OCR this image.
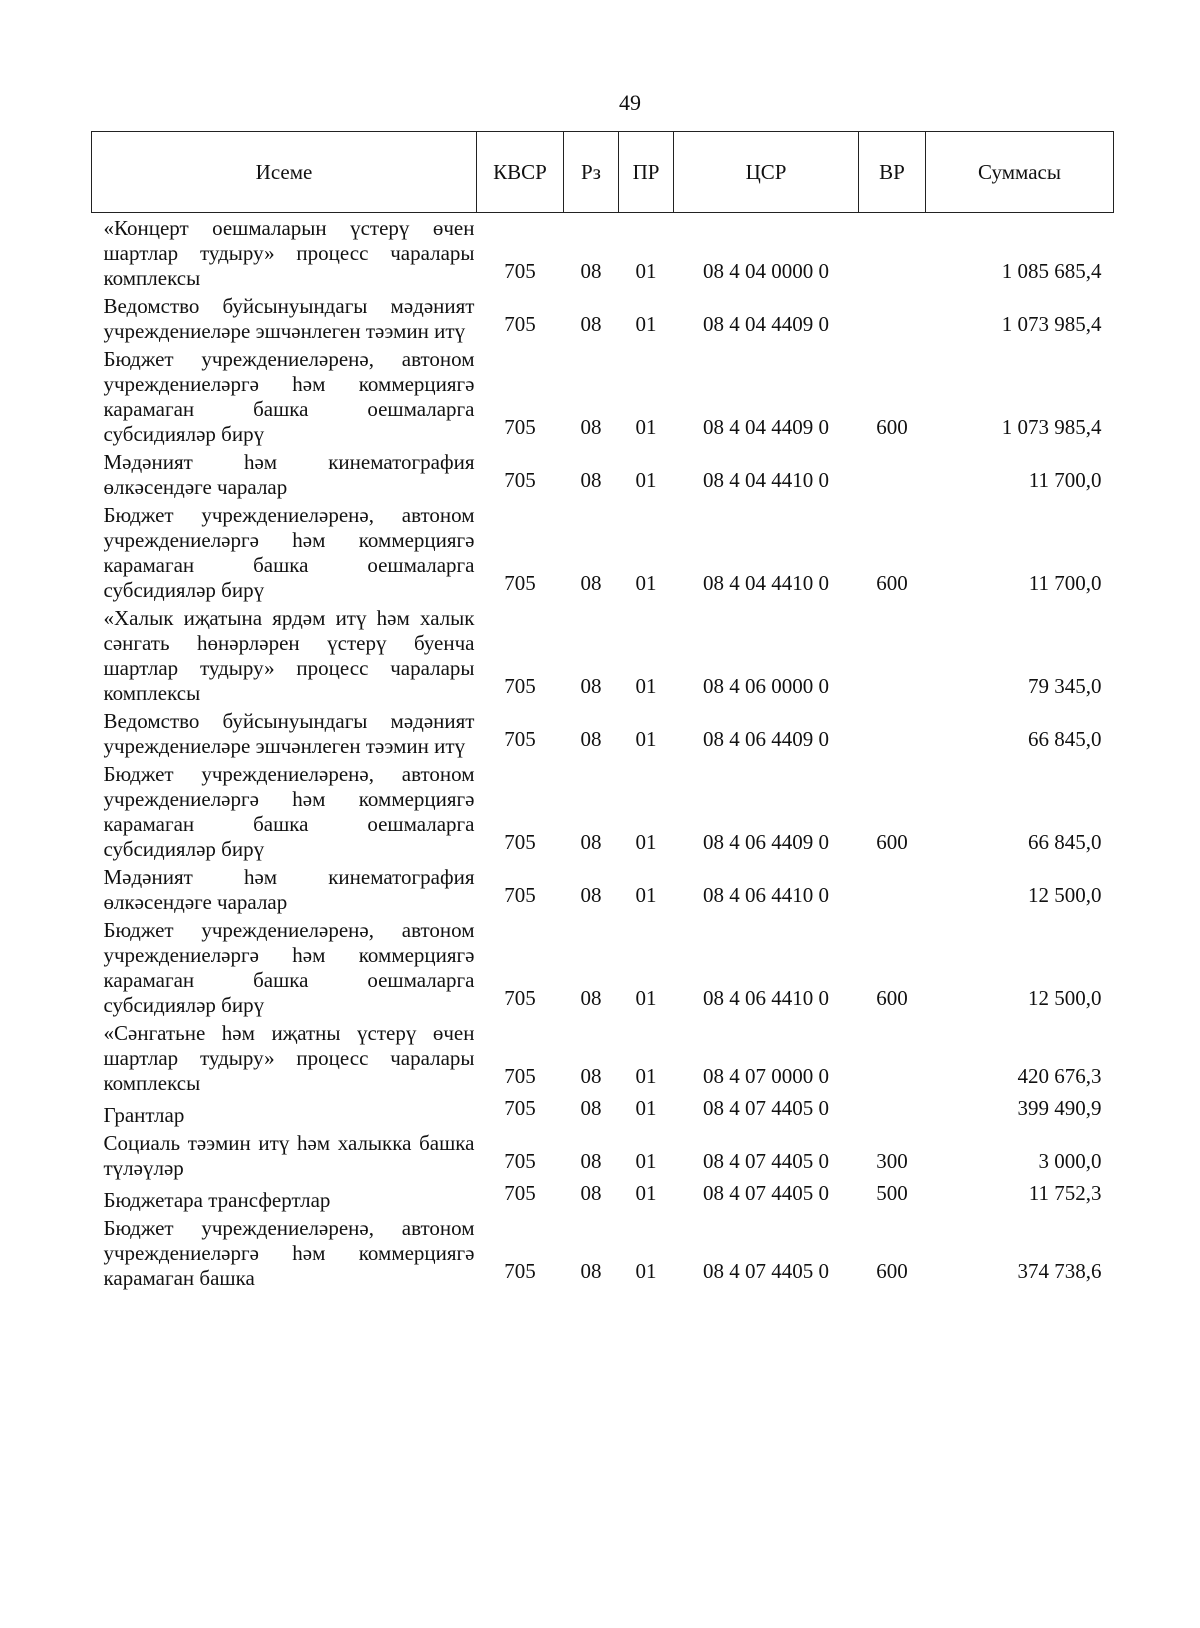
49
Исеме	КВСР	Рз	ПР	ЦСР	ВР	Суммасы
«Концерт оешмаларын үстерү өчен шартлар тудыру» процесс чаралары комплексы	705	08	01	08 4 04 0000 0		1 085 685,4
Ведомство буйсынуындагы мәдәният учреждениеләре эшчәнлеген тәэмин итү	705	08	01	08 4 04 4409 0		1 073 985,4
Бюджет учреждениеләренә, автоном учреждениеләргә һәм коммерциягә карамаган башка оешмаларга субсидияләр бирү	705	08	01	08 4 04 4409 0	600	1 073 985,4
Мәдәният һәм кинематография өлкәсендәге чаралар	705	08	01	08 4 04 4410 0		11 700,0
Бюджет учреждениеләренә, автоном учреждениеләргә һәм коммерциягә карамаган башка оешмаларга субсидияләр бирү	705	08	01	08 4 04 4410 0	600	11 700,0
«Халык иҗатына ярдәм итү һәм халык сәнгать һөнәрләрен үстерү буенча шартлар тудыру» процесс чаралары комплексы	705	08	01	08 4 06 0000 0		79 345,0
Ведомство буйсынуындагы мәдәният учреждениеләре эшчәнлеген тәэмин итү	705	08	01	08 4 06 4409 0		66 845,0
Бюджет учреждениеләренә, автоном учреждениеләргә һәм коммерциягә карамаган башка оешмаларга субсидияләр бирү	705	08	01	08 4 06 4409 0	600	66 845,0
Мәдәният һәм кинематография өлкәсендәге чаралар	705	08	01	08 4 06 4410 0		12 500,0
Бюджет учреждениеләренә, автоном учреждениеләргә һәм коммерциягә карамаган башка оешмаларга субсидияләр бирү	705	08	01	08 4 06 4410 0	600	12 500,0
«Сәнгатьне һәм иҗатны үстерү өчен шартлар тудыру» процесс чаралары комплексы	705	08	01	08 4 07 0000 0		420 676,3
Грантлар	705	08	01	08 4 07 4405 0		399 490,9
Социаль тәэмин итү һәм халыкка башка түләүләр	705	08	01	08 4 07 4405 0	300	3 000,0
Бюджетара трансфертлар	705	08	01	08 4 07 4405 0	500	11 752,3
Бюджет учреждениеләренә, автоном учреждениеләргә һәм коммерциягә карамаган башка	705	08	01	08 4 07 4405 0	600	374 738,6
